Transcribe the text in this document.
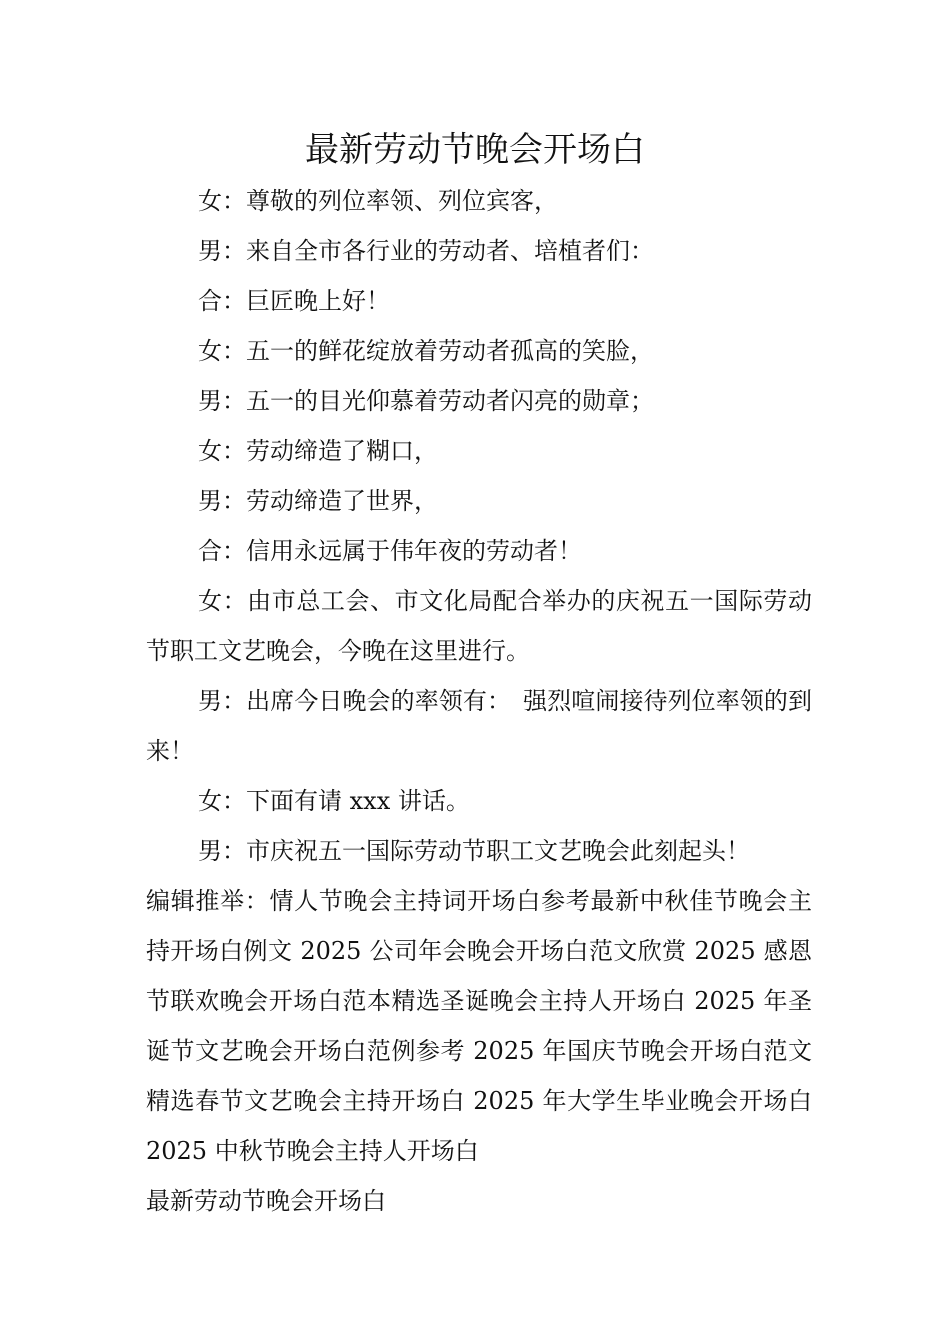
最新劳动节晚会开场白

女：尊敬的列位率领、列位宾客，

男：来自全市各行业的劳动者、培植者们：

合：巨匠晚上好！

女：五一的鲜花绽放着劳动者孤高的笑脸，

男：五一的目光仰慕着劳动者闪亮的勋章；

女：劳动缔造了糊口，

男：劳动缔造了世界，

合：信用永远属于伟年夜的劳动者！

女：由市总工会、市文化局配合举办的庆祝五一国际劳动节职工文艺晚会，今晚在这里进行。

男：出席今日晚会的率领有：　强烈喧闹接待列位率领的到来！

女：下面有请 xxx 讲话。

男：市庆祝五一国际劳动节职工文艺晚会此刻起头！

编辑推举：情人节晚会主持词开场白参考最新中秋佳节晚会主持开场白例文 2025 公司年会晚会开场白范文欣赏 2025 感恩节联欢晚会开场白范本精选圣诞晚会主持人开场白 2025 年圣诞节文艺晚会开场白范例参考 2025 年国庆节晚会开场白范文精选春节文艺晚会主持开场白 2025 年大学生毕业晚会开场白 2025 中秋节晚会主持人开场白

最新劳动节晚会开场白
